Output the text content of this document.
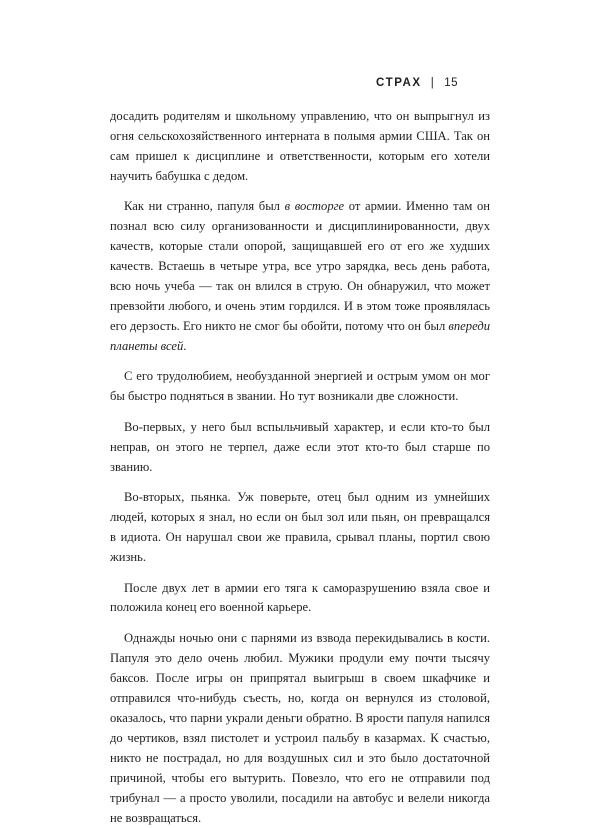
СТРАХ | 15

досадить родителям и школьному управлению, что он выпрыгнул из огня сельскохозяйственного интерната в полымя армии США. Так он сам пришел к дисциплине и ответственности, которым его хотели научить бабушка с дедом.

Как ни странно, папуля был в восторге от армии. Именно там он познал всю силу организованности и дисциплинированности, двух качеств, которые стали опорой, защищавшей его от его же худших качеств. Встаешь в четыре утра, все утро зарядка, весь день работа, всю ночь учеба — так он влился в струю. Он обнаружил, что может превзойти любого, и очень этим гордился. И в этом тоже проявлялась его дерзость. Его никто не смог бы обойти, потому что он был впереди планеты всей.

С его трудолюбием, необузданной энергией и острым умом он мог бы быстро подняться в звании. Но тут возникали две сложности.

Во-первых, у него был вспыльчивый характер, и если кто-то был неправ, он этого не терпел, даже если этот кто-то был старше по званию.

Во-вторых, пьянка. Уж поверьте, отец был одним из умнейших людей, которых я знал, но если он был зол или пьян, он превращался в идиота. Он нарушал свои же правила, срывал планы, портил свою жизнь.

После двух лет в армии его тяга к саморазрушению взяла свое и положила конец его военной карьере.

Однажды ночью они с парнями из взвода перекидывались в кости. Папуля это дело очень любил. Мужики продули ему почти тысячу баксов. После игры он припрятал выигрыш в своем шкафчике и отправился что-нибудь съесть, но, когда он вернулся из столовой, оказалось, что парни украли деньги обратно. В ярости папуля напился до чертиков, взял пистолет и устроил пальбу в казармах. К счастью, никто не пострадал, но для воздушных сил и это было достаточной причиной, чтобы его вытурить. Повезло, что его не отправили под трибунал — а просто уволили, посадили на автобус и велели никогда не возвращаться.
